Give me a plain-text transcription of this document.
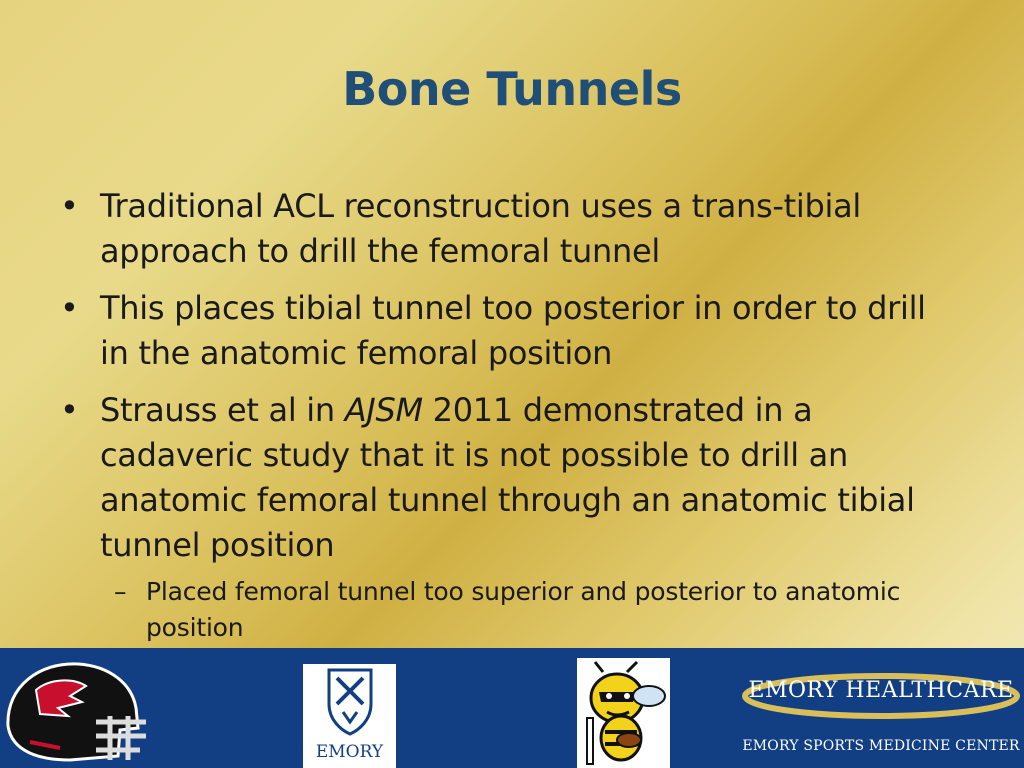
Bone Tunnels
• Traditional ACL reconstruction uses a trans-tibial approach to drill the femoral tunnel
• This places tibial tunnel too posterior in order to drill in the anatomic femoral position
• Strauss et al in AJSM 2011 demonstrated in a cadaveric study that it is not possible to drill an anatomic femoral tunnel through an anatomic tibial tunnel position
– Placed femoral tunnel too superior and posterior to anatomic position
EMORY
EMORY HEALTHCARE
EMORY SPORTS MEDICINE CENTER
